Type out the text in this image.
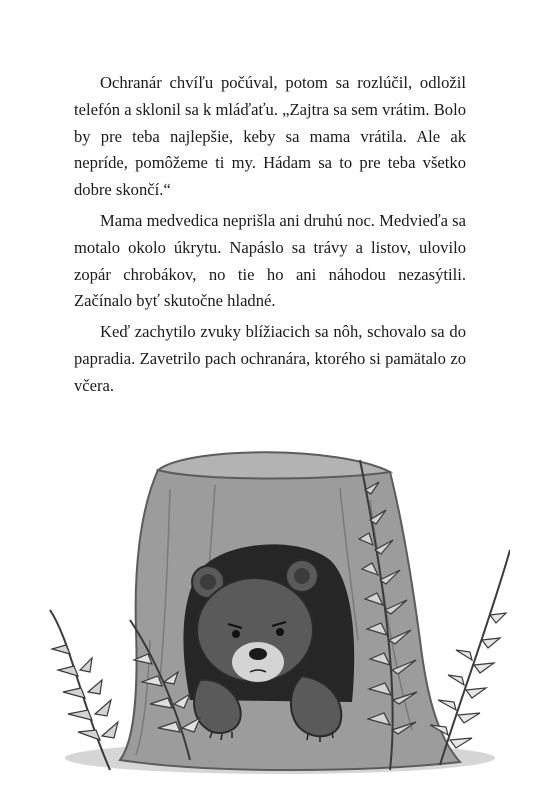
Ochranár chvíľu počúval, potom sa rozlúčil, odložil telefón a sklonil sa k mláďaťu. „Zajtra sa sem vrátim. Bolo by pre teba najlepšie, keby sa mama vrátila. Ale ak nepríde, pomôžeme ti my. Hádam sa to pre teba všetko dobre skončí.“

Mama medvedica neprišla ani druhú noc. Medvieďa sa motalo okolo úkrytu. Napáslo sa trávy a listov, ulovilo zopár chrobákov, no tie ho ani náhodou nezasýtili. Začínalo byť skutočne hladné.

Keď zachytilo zvuky blížiacich sa nôh, schovalo sa do papradia. Zavetrilo pach ochranára, ktorého si pamätalo zo včera.
